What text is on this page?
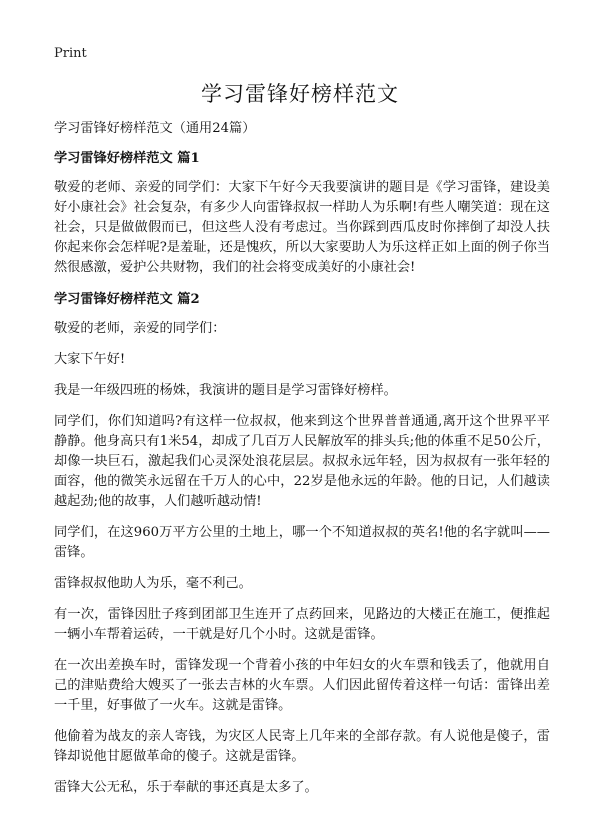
Print
学习雷锋好榜样范文

学习雷锋好榜样范文（通用24篇）

学习雷锋好榜样范文 篇1

敬爱的老师、亲爱的同学们：大家下午好今天我要演讲的题目是《学习雷锋，建设美好小康社会》社会复杂，有多少人向雷锋叔叔一样助人为乐啊!有些人嘲笑道：现在这社会，只是做做假而已，但这些人没有考虑过。当你踩到西瓜皮时你摔倒了却没人扶你起来你会怎样呢?是羞耻，还是愧疚，所以大家要助人为乐这样正如上面的例子你当然很感激，爱护公共财物，我们的社会将变成美好的小康社会!

学习雷锋好榜样范文 篇2

敬爱的老师，亲爱的同学们：

大家下午好!

我是一年级四班的杨姝，我演讲的题目是学习雷锋好榜样。

同学们，你们知道吗?有这样一位叔叔，他来到这个世界普普通通,离开这个世界平平静静。他身高只有1米54，却成了几百万人民解放军的排头兵;他的体重不足50公斤，却像一块巨石，激起我们心灵深处浪花层层。叔叔永远年轻，因为叔叔有一张年轻的面容，他的微笑永远留在千万人的心中，22岁是他永远的年龄。他的日记，人们越读越起劲;他的故事，人们越听越动情!

同学们，在这960万平方公里的土地上，哪一个不知道叔叔的英名!他的名字就叫——雷锋。

雷锋叔叔他助人为乐，毫不利己。

有一次，雷锋因肚子疼到团部卫生连开了点药回来，见路边的大楼正在施工，便推起一辆小车帮着运砖，一干就是好几个小时。这就是雷锋。

在一次出差换车时，雷锋发现一个背着小孩的中年妇女的火车票和钱丢了，他就用自己的津贴费给大嫂买了一张去吉林的火车票。人们因此留传着这样一句话：雷锋出差一千里，好事做了一火车。这就是雷锋。

他偷着为战友的亲人寄钱，为灾区人民寄上几年来的全部存款。有人说他是傻子，雷锋却说他甘愿做革命的傻子。这就是雷锋。

雷锋大公无私，乐于奉献的事还真是太多了。
